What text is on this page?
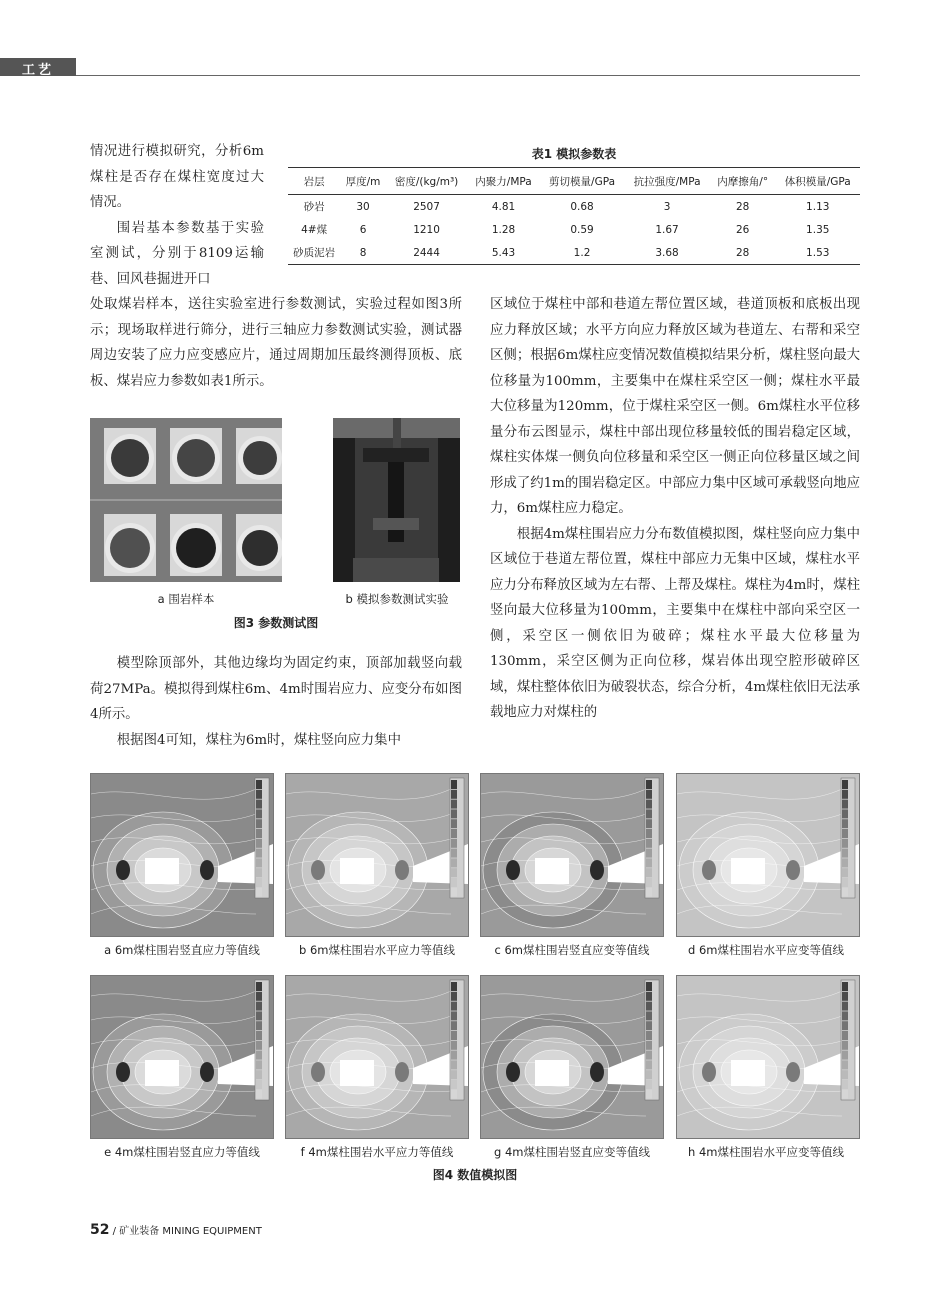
工艺

情况进行模拟研究，分析6m煤柱是否存在煤柱宽度过大情况。

围岩基本参数基于实验室测试，分别于8109运输巷、回风巷掘进开口

表1 模拟参数表
岩层	厚度/m	密度/(kg/m³)	内聚力/MPa	剪切模量/GPa	抗拉强度/MPa	内摩擦角/°	体积模量/GPa
砂岩	30	2507	4.81	0.68	3	28	1.13
4#煤	6	1210	1.28	0.59	1.67	26	1.35
砂质泥岩	8	2444	5.43	1.2	3.68	28	1.53

处取煤岩样本，送往实验室进行参数测试，实验过程如图3所示；现场取样进行筛分，进行三轴应力参数测试实验，测试器周边安装了应力应变感应片，通过周期加压最终测得顶板、底板、煤岩应力参数如表1所示。

a 围岩样本	b 模拟参数测试实验
图3 参数测试图

模型除顶部外，其他边缘均为固定约束，顶部加载竖向载荷27MPa。模拟得到煤柱6m、4m时围岩应力、应变分布如图4所示。

根据图4可知，煤柱为6m时，煤柱竖向应力集中

区域位于煤柱中部和巷道左帮位置区域，巷道顶板和底板出现应力释放区域；水平方向应力释放区域为巷道左、右帮和采空区侧；根据6m煤柱应变情况数值模拟结果分析，煤柱竖向最大位移量为100mm，主要集中在煤柱采空区一侧；煤柱水平最大位移量为120mm，位于煤柱采空区一侧。6m煤柱水平位移量分布云图显示，煤柱中部出现位移量较低的围岩稳定区域，煤柱实体煤一侧负向位移量和采空区一侧正向位移量区域之间形成了约1m的围岩稳定区。中部应力集中区域可承载竖向地应力，6m煤柱应力稳定。

根据4m煤柱围岩应力分布数值模拟图，煤柱竖向应力集中区域位于巷道左帮位置，煤柱中部应力无集中区域，煤柱水平应力分布释放区域为左右帮、上帮及煤柱。煤柱为4m时，煤柱竖向最大位移量为100mm，主要集中在煤柱中部向采空区一侧，采空区一侧依旧为破碎；煤柱水平最大位移量为130mm，采空区侧为正向位移，煤岩体出现空腔形破碎区域，煤柱整体依旧为破裂状态，综合分析，4m煤柱依旧无法承载地应力对煤柱的

a 6m煤柱围岩竖直应力等值线	b 6m煤柱围岩水平应力等值线	c 6m煤柱围岩竖直应变等值线	d 6m煤柱围岩水平应变等值线
e 4m煤柱围岩竖直应力等值线	f 4m煤柱围岩水平应力等值线	g 4m煤柱围岩竖直应变等值线	h 4m煤柱围岩水平应变等值线
图4 数值模拟图
52 / 矿业装备 MINING EQUIPMENT
